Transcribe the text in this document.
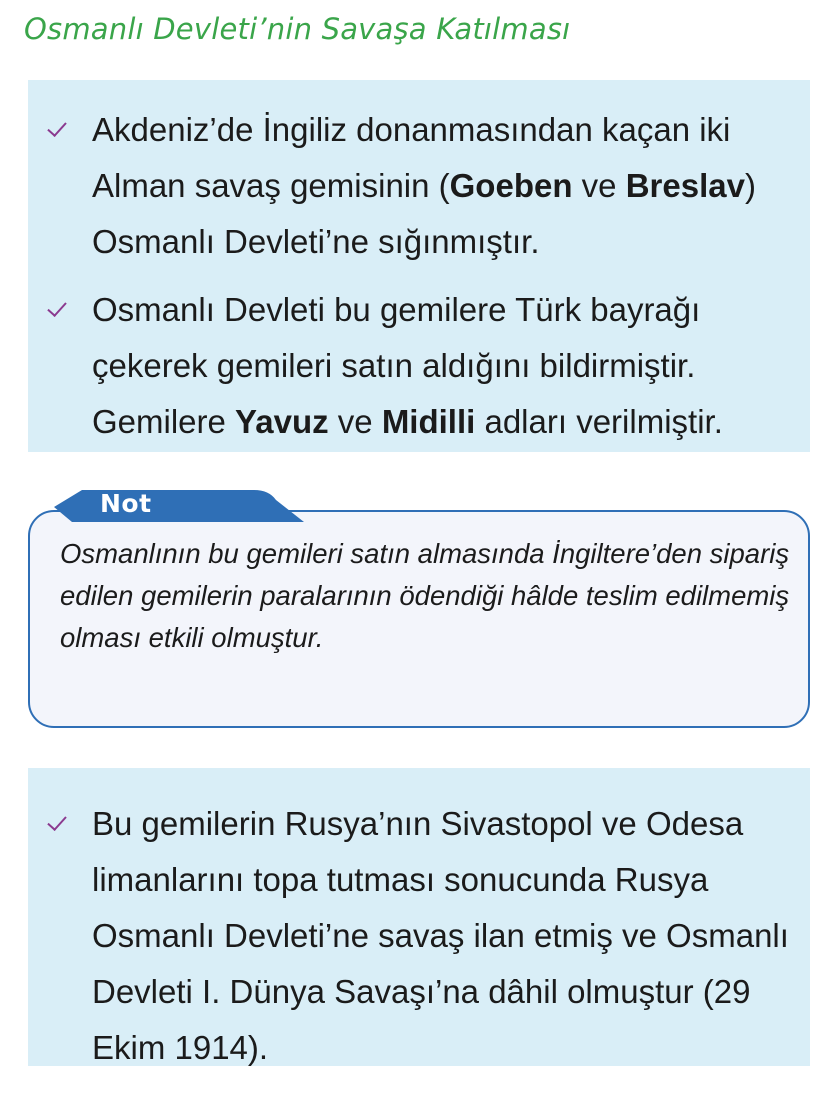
Osmanlı Devleti’nin Savaşa Katılması
Akdeniz’de İngiliz donanmasından kaçan iki Alman savaş gemisinin (Goeben ve Breslav) Osmanlı Devleti’ne sığınmıştır.
Osmanlı Devleti bu gemilere Türk bayrağı çekerek gemileri satın aldığını bildirmiştir. Gemilere Yavuz ve Midilli adları verilmiştir.
Not
Osmanlının bu gemileri satın almasında İngiltere’den sipariş edilen gemilerin paralarının ödendiği hâlde teslim edilmemiş olması etkili olmuştur.
Bu gemilerin Rusya’nın Sivastopol ve Odesa limanlarını topa tutması sonucunda Rusya Osmanlı Devleti’ne savaş ilan etmiş ve Osmanlı Devleti I. Dünya Savaşı’na dâhil olmuştur (29 Ekim 1914).
